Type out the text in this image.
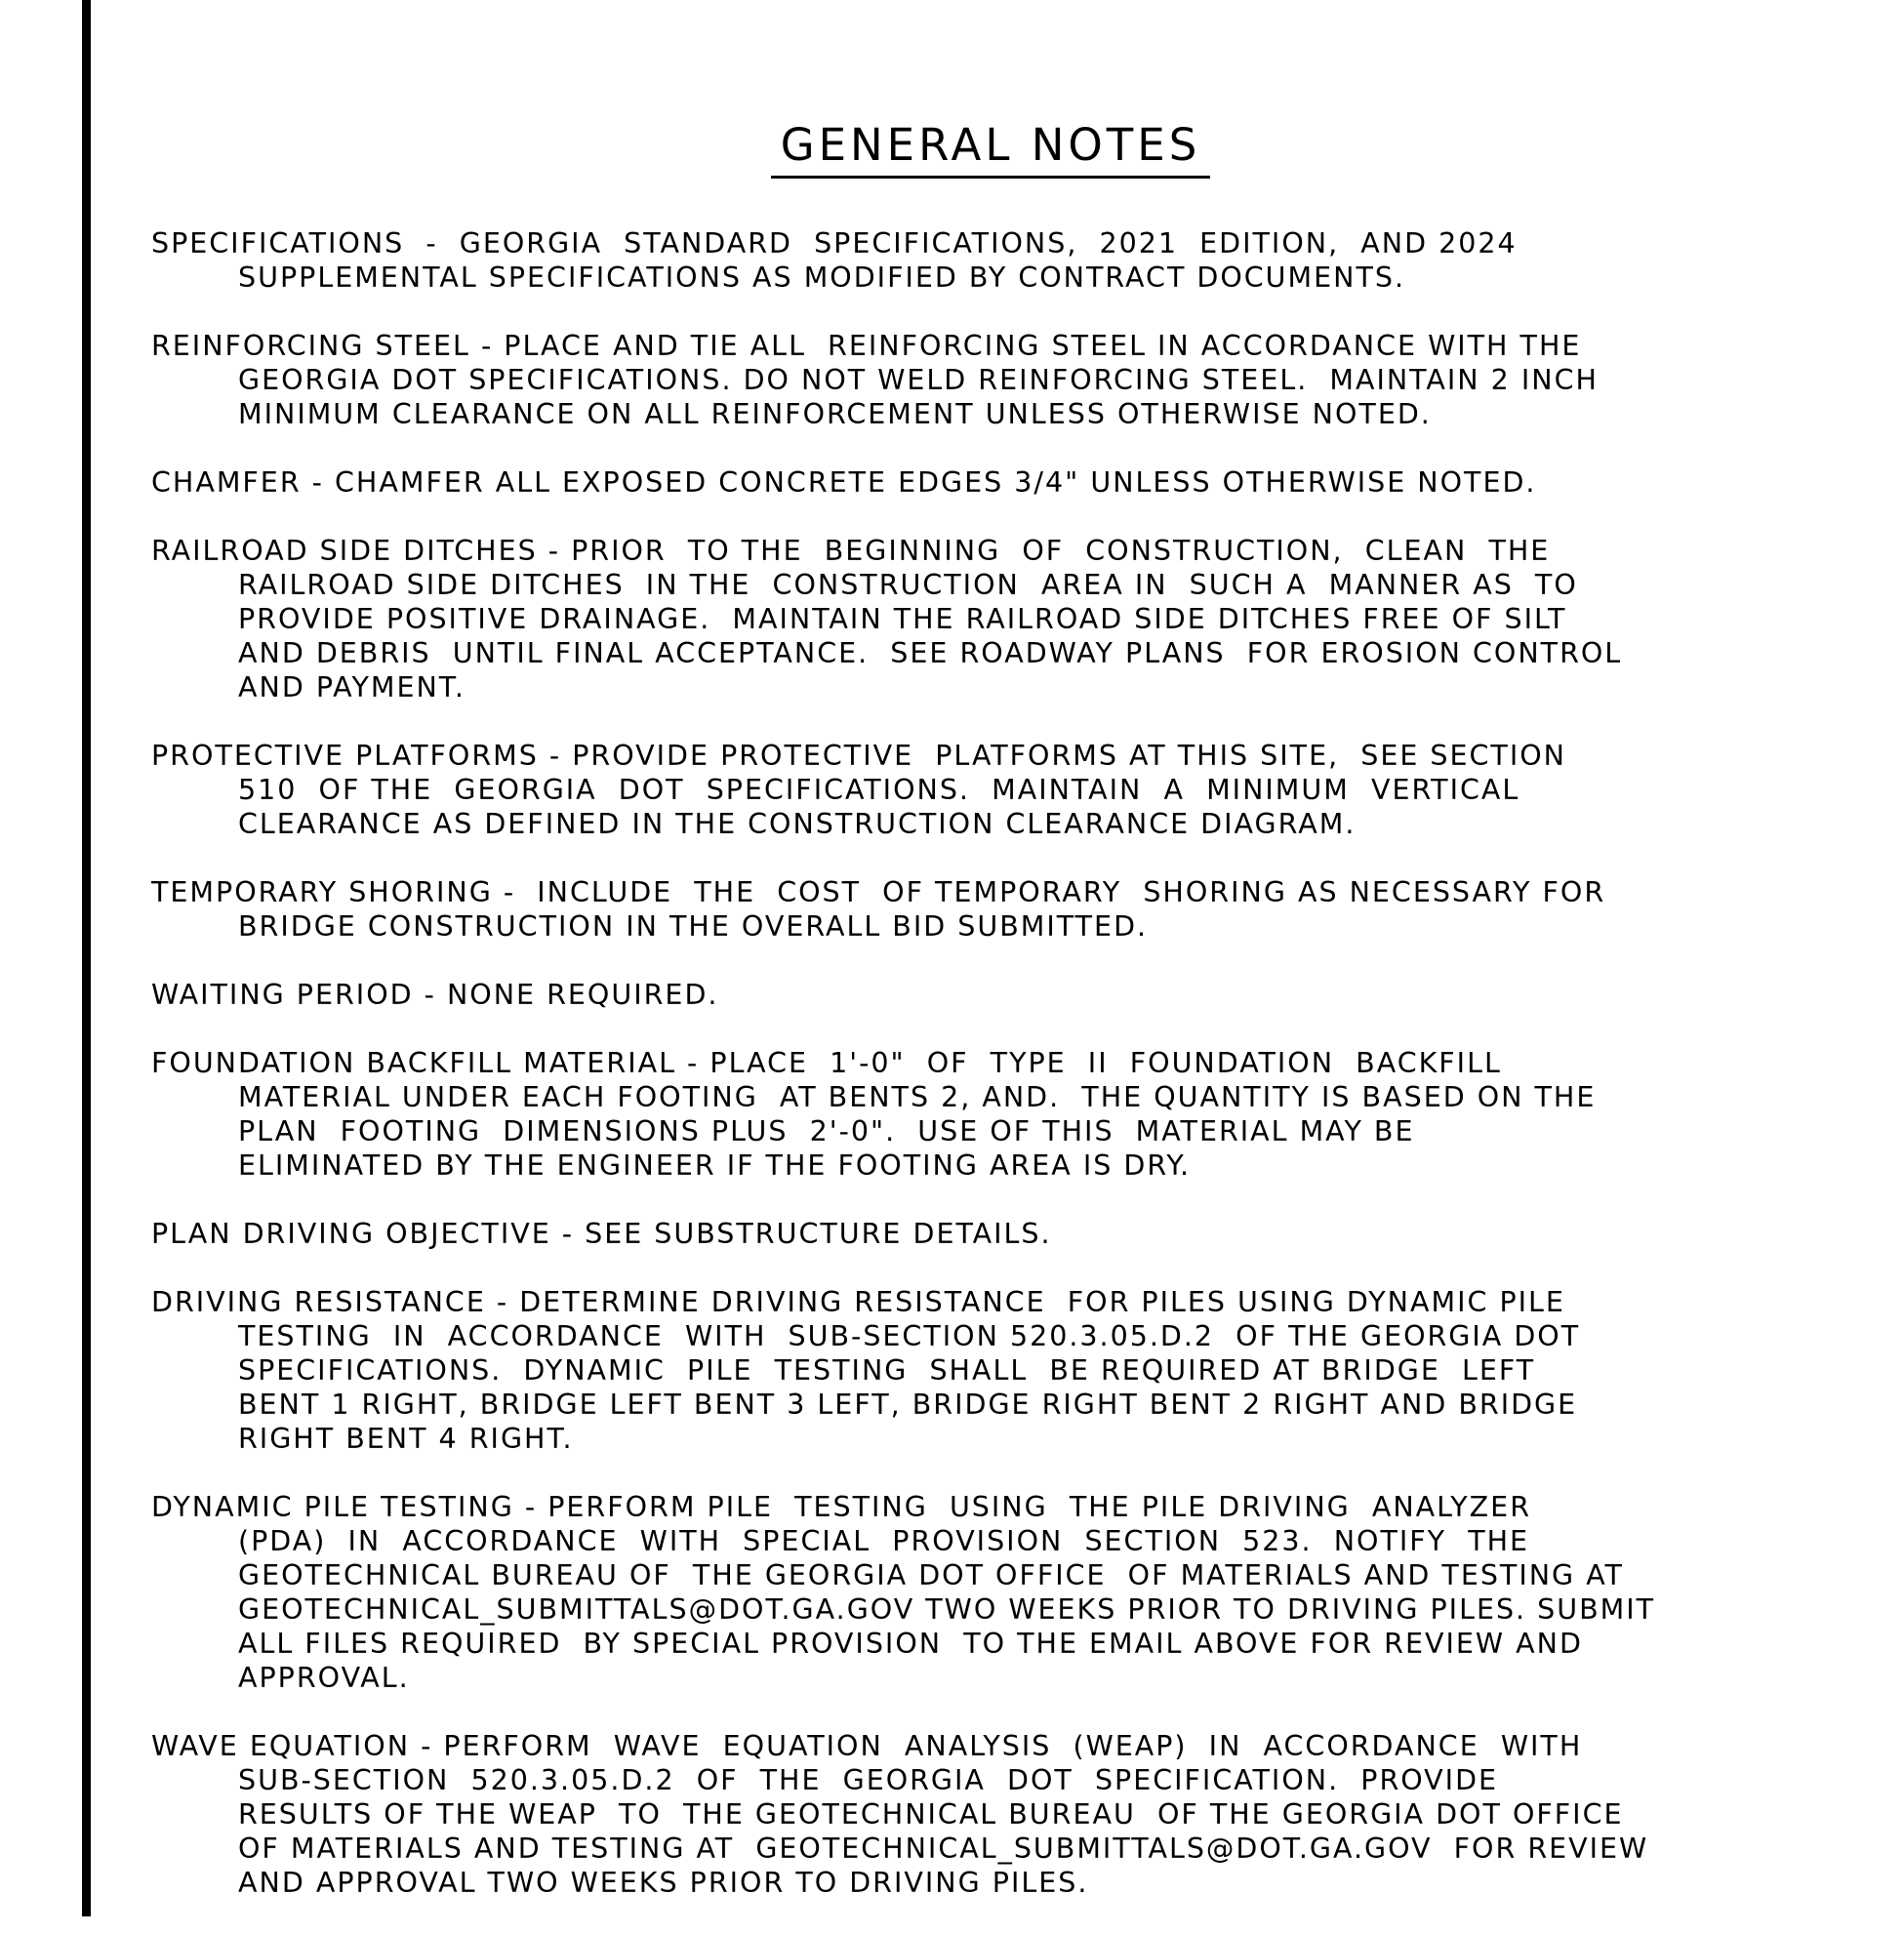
GENERAL NOTES
SPECIFICATIONS  -  GEORGIA  STANDARD  SPECIFICATIONS,  2021  EDITION,  AND 2024
SUPPLEMENTAL SPECIFICATIONS AS MODIFIED BY CONTRACT DOCUMENTS.
REINFORCING STEEL - PLACE AND TIE ALL  REINFORCING STEEL IN ACCORDANCE WITH THE
GEORGIA DOT SPECIFICATIONS. DO NOT WELD REINFORCING STEEL.  MAINTAIN 2 INCH
MINIMUM CLEARANCE ON ALL REINFORCEMENT UNLESS OTHERWISE NOTED.
CHAMFER - CHAMFER ALL EXPOSED CONCRETE EDGES 3/4" UNLESS OTHERWISE NOTED.
RAILROAD SIDE DITCHES - PRIOR  TO THE  BEGINNING  OF  CONSTRUCTION,  CLEAN  THE
RAILROAD SIDE DITCHES  IN THE  CONSTRUCTION  AREA IN  SUCH A  MANNER AS  TO
PROVIDE POSITIVE DRAINAGE.  MAINTAIN THE RAILROAD SIDE DITCHES FREE OF SILT
AND DEBRIS  UNTIL FINAL ACCEPTANCE.  SEE ROADWAY PLANS  FOR EROSION CONTROL
AND PAYMENT.
PROTECTIVE PLATFORMS - PROVIDE PROTECTIVE  PLATFORMS AT THIS SITE,  SEE SECTION
510  OF THE  GEORGIA  DOT  SPECIFICATIONS.  MAINTAIN  A  MINIMUM  VERTICAL
CLEARANCE AS DEFINED IN THE CONSTRUCTION CLEARANCE DIAGRAM.
TEMPORARY SHORING -  INCLUDE  THE  COST  OF TEMPORARY  SHORING AS NECESSARY FOR
BRIDGE CONSTRUCTION IN THE OVERALL BID SUBMITTED.
WAITING PERIOD - NONE REQUIRED.
FOUNDATION BACKFILL MATERIAL - PLACE  1'-0"  OF  TYPE  II  FOUNDATION  BACKFILL
MATERIAL UNDER EACH FOOTING  AT BENTS 2, AND.  THE QUANTITY IS BASED ON THE
PLAN  FOOTING  DIMENSIONS PLUS  2'-0".  USE OF THIS  MATERIAL MAY BE
ELIMINATED BY THE ENGINEER IF THE FOOTING AREA IS DRY.
PLAN DRIVING OBJECTIVE - SEE SUBSTRUCTURE DETAILS.
DRIVING RESISTANCE - DETERMINE DRIVING RESISTANCE  FOR PILES USING DYNAMIC PILE
TESTING  IN  ACCORDANCE  WITH  SUB-SECTION 520.3.05.D.2  OF THE GEORGIA DOT
SPECIFICATIONS.  DYNAMIC  PILE  TESTING  SHALL  BE REQUIRED AT BRIDGE  LEFT
BENT 1 RIGHT, BRIDGE LEFT BENT 3 LEFT, BRIDGE RIGHT BENT 2 RIGHT AND BRIDGE
RIGHT BENT 4 RIGHT.
DYNAMIC PILE TESTING - PERFORM PILE  TESTING  USING  THE PILE DRIVING  ANALYZER
(PDA)  IN  ACCORDANCE  WITH  SPECIAL  PROVISION  SECTION  523.  NOTIFY  THE
GEOTECHNICAL BUREAU OF  THE GEORGIA DOT OFFICE  OF MATERIALS AND TESTING AT
GEOTECHNICAL_SUBMITTALS@DOT.GA.GOV TWO WEEKS PRIOR TO DRIVING PILES. SUBMIT
ALL FILES REQUIRED  BY SPECIAL PROVISION  TO THE EMAIL ABOVE FOR REVIEW AND
APPROVAL.
WAVE EQUATION - PERFORM  WAVE  EQUATION  ANALYSIS  (WEAP)  IN  ACCORDANCE  WITH
SUB-SECTION  520.3.05.D.2  OF  THE  GEORGIA  DOT  SPECIFICATION.  PROVIDE
RESULTS OF THE WEAP  TO  THE GEOTECHNICAL BUREAU  OF THE GEORGIA DOT OFFICE
OF MATERIALS AND TESTING AT  GEOTECHNICAL_SUBMITTALS@DOT.GA.GOV  FOR REVIEW
AND APPROVAL TWO WEEKS PRIOR TO DRIVING PILES.
